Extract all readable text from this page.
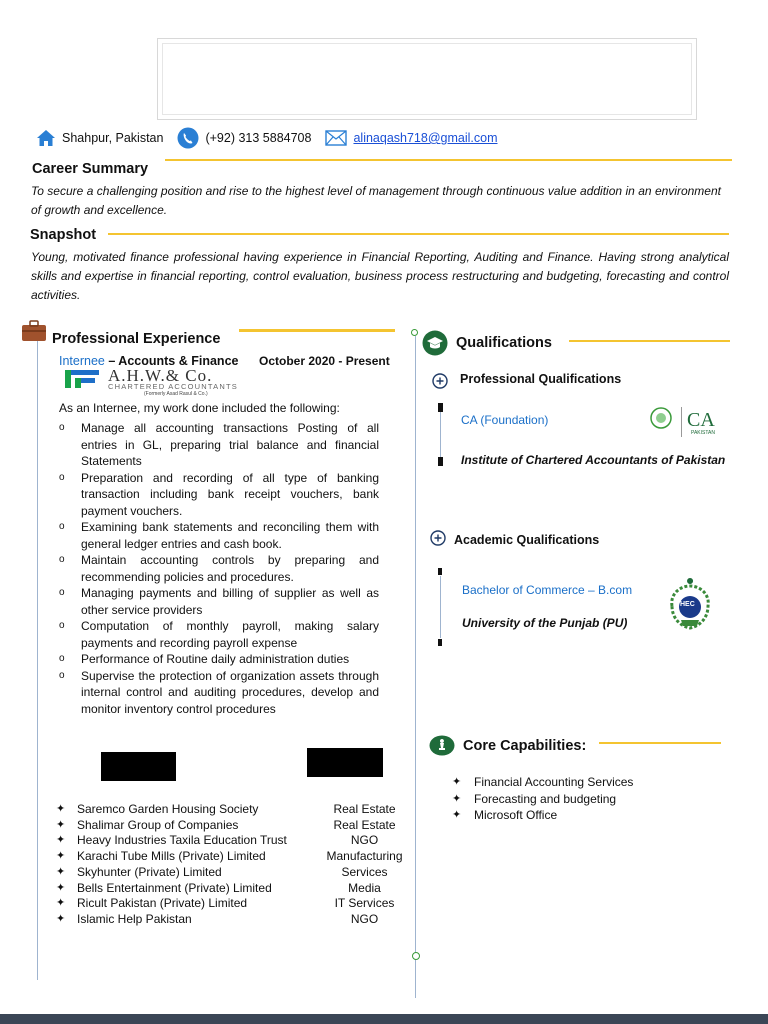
Shahpur, Pakistan	(+92) 313 5884708	alinaqash718@gmail.com
Career Summary
To secure a challenging position and rise to the highest level of management through continuous value addition in an environment of growth and excellence.
Snapshot
Young, motivated finance professional having experience in Financial Reporting, Auditing and Finance. Having strong analytical skills and expertise in financial reporting, control evaluation, business process restructuring and budgeting, forecasting and control activities.
Professional Experience
Internee – Accounts & Finance October 2020 - Present
A.H.W.& Co.
CHARTERED ACCOUNTANTS
(Formerly Asad Rasul & Co.)
As an Internee, my work done included the following:
o Manage all accounting transactions Posting of all entries in GL, preparing trial balance and financial Statements
o Preparation and recording of all type of banking transaction including bank receipt vouchers, bank payment vouchers.
o Examining bank statements and reconciling them with general ledger entries and cash book.
o Maintain accounting controls by preparing and recommending policies and procedures.
o Managing payments and billing of supplier as well as other service providers
o Computation of monthly payroll, making salary payments and recording payroll expense
o Performance of Routine daily administration duties
o Supervise the protection of organization assets through internal control and auditing procedures, develop and monitor inventory control procedures
✦ Saremco Garden Housing Society	Real Estate
✦ Shalimar Group of Companies	Real Estate
✦ Heavy Industries Taxila Education Trust	NGO
✦ Karachi Tube Mills (Private) Limited	Manufacturing
✦ Skyhunter (Private) Limited	Services
✦ Bells Entertainment (Private) Limited	Media
✦ Ricult Pakistan (Private) Limited	IT Services
✦ Islamic Help Pakistan	NGO
Qualifications
Professional Qualifications
CA (Foundation)
Institute of Chartered Accountants of Pakistan
CA
PAKISTAN
Academic Qualifications
Bachelor of Commerce – B.com
University of the Punjab (PU)
HEC
Core Capabilities:
✦ Financial Accounting Services
✦ Forecasting and budgeting
✦ Microsoft Office
